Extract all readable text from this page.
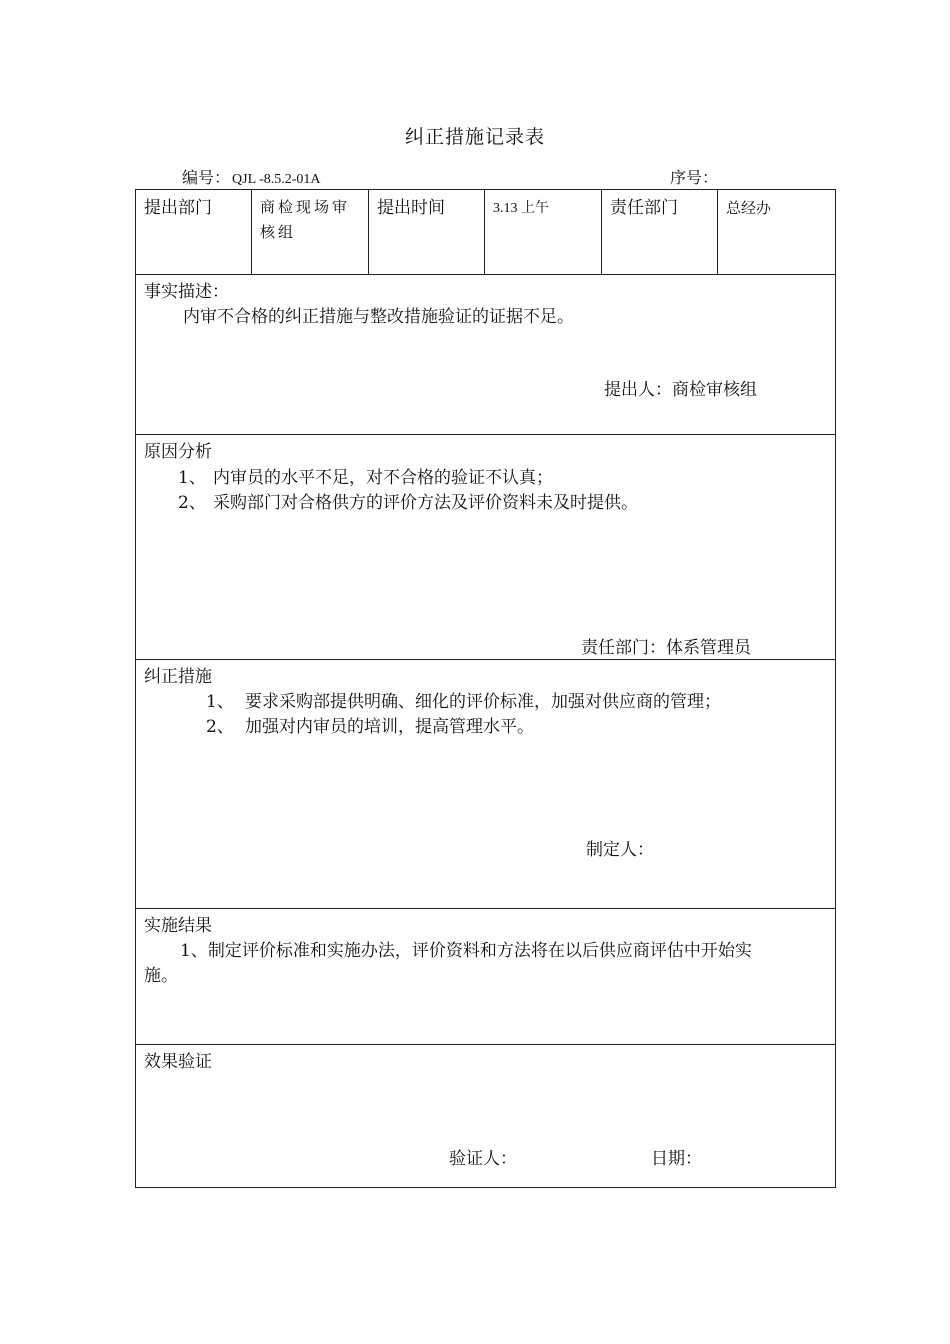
纠正措施记录表
编号： QJL -8.5.2-01A	序号：
提出部门	商检现场审核组	提出时间	3.13 上午	责任部门	总经办

事实描述：
内审不合格的纠正措施与整改措施验证的证据不足。
提出人：商检审核组

原因分析
1、 内审员的水平不足，对不合格的验证不认真；
2、 采购部门对合格供方的评价方法及评价资料未及时提供。
责任部门：体系管理员

纠正措施
1、 要求采购部提供明确、细化的评价标准，加强对供应商的管理；
2、 加强对内审员的培训，提高管理水平。
制定人：

实施结果
1、制定评价标准和实施办法，评价资料和方法将在以后供应商评估中开始实
施。

效果验证
验证人：	日期：
